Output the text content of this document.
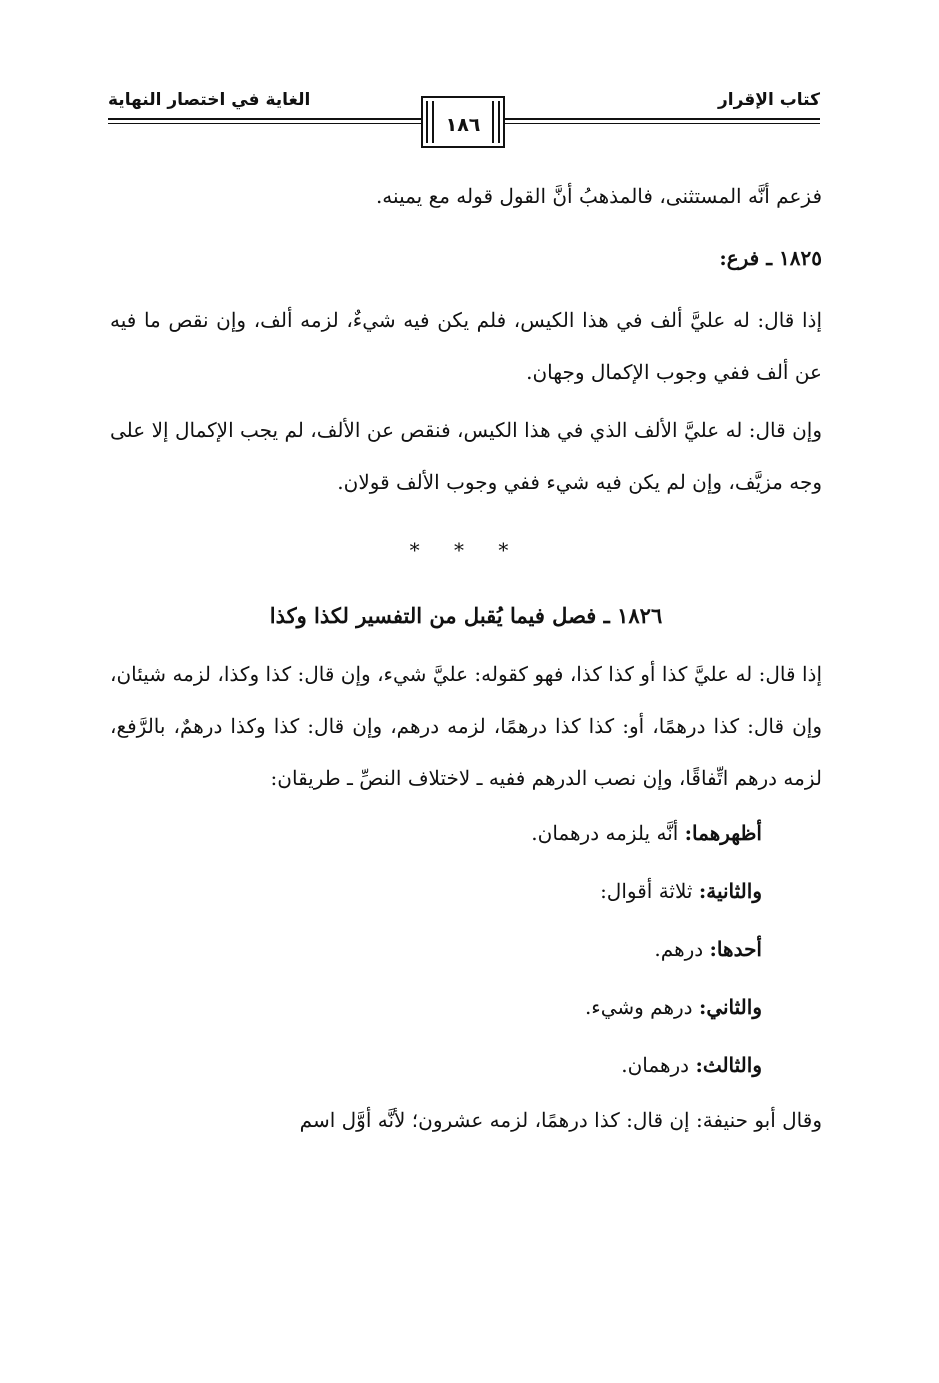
كتاب الإقرار
الغاية في اختصار النهاية
١٨٦

فزعم أنَّه المستثنى، فالمذهبُ أنَّ القول قوله مع يمينه.

١٨٢٥ ـ فرع:

إذا قال: له عليَّ ألف في هذا الكيس، فلم يكن فيه شيءٌ، لزمه ألف، وإن نقص ما فيه عن ألف ففي وجوب الإكمال وجهان.

وإن قال: له عليَّ الألف الذي في هذا الكيس، فنقص عن الألف، لم يجب الإكمال إلا على وجه مزيَّف، وإن لم يكن فيه شيء ففي وجوب الألف قولان.

* * *
١٨٢٦ ـ فصل فيما يُقبل من التفسير لكذا وكذا

إذا قال: له عليَّ كذا أو كذا كذا، فهو كقوله: عليَّ شيء، وإن قال: كذا وكذا، لزمه شيئان، وإن قال: كذا درهمًا، أو: كذا كذا درهمًا، لزمه درهم، وإن قال: كذا وكذا درهمٌ، بالرَّفع، لزمه درهم اتِّفاقًا، وإن نصب الدرهم ففيه ـ لاختلاف النصِّ ـ طريقان:

أظهرهما: أنَّه يلزمه درهمان.
والثانية: ثلاثة أقوال:
أحدها: درهم.
والثاني: درهم وشيء.
والثالث: درهمان.

وقال أبو حنيفة: إن قال: كذا درهمًا، لزمه عشرون؛ لأنَّه أوَّل اسم
